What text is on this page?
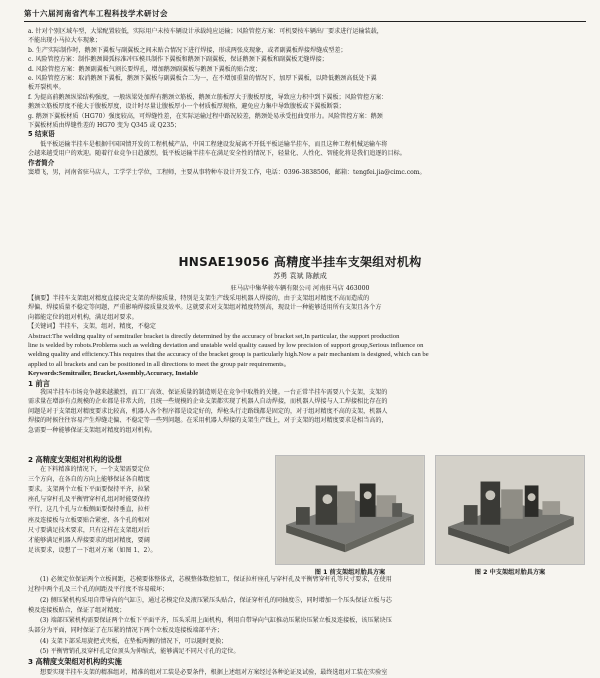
第十六届河南省汽车工程科技学术研讨会

a. 针对个别区域车型，大梁配置较低，实际用户未按车辆设计承载纯应运输；风险管控方案：可机要按车辆出厂要求进行运输装载，

不能出现小马拉大车现象；

b. 生产实际制作时，鹅颈下翼板与副翼板之间未贴合情况下进行焊接，形成两张皮现象，或者副翼板焊接焊缝成型差；

c. 风险管控方案：制作鹅颈圆弧标准冲压模具制作下翼板和鹅颈下副翼板，保证鹅颈下翼板和副翼板无缝焊接；

d. 风险管控方案：鹅颈副翼板气割长要焊孔，增加鹅颈副翼板与鹅颈下翼板的贴合度；

e. 风险管控方案：取消鹅颈下翼板，鹅颈下翼板与副翼板合二为一，在不增加重量的情况下，加厚下翼板，以降低鹅颈高低处下翼

板开裂机率。

f. 为提高前鹅颈纵梁结构强度，一般纵梁处加焊有鹅颈立筋板，鹅颈立筋板厚大于腹板厚度，导致应力积中到下翼板；风险管控方案：

鹅颈立筋板厚度不能大于腹板厚度，设计时尽量让腹板厚小一个材质板厚规格，避免应力集中导致腹板或下翼板断裂；

g. 鹅颈下翼板材质（HG70）强度较高，可焊缝性差，在实际运输过程中路况较差，鹅颈处易承受扭曲变形力。风险管控方案：鹅颈

下翼板材质由焊缝性差的 HG70 变为 Q345 或 Q235；

5 结束语

低平板运输半挂车是根据中国国情开发的工程机械产品，中国工程建设发展离不开低平板运输半挂车，而且这种工程机械运输车将

会越来越受用户的欢迎。随着行业竞争日趋激烈，低平板运输半挂车在满足安全性的情况下，轻量化、人性化、智能化将是我们追逐的目标。

作者简介

窦增飞，男，河南省驻马店人，工学学士学位，工程师，主要从事特种车设计开发工作，电话：0396-3838506，邮箱：tengfei.jia@cimc.com。

HNSAE19056 高精度半挂车支架组对机构
苏勇 袁斌 陈献成
驻马店中集华骏车辆有限公司 河南驻马店 463000

【摘要】半挂车支架组对精度直接决定支架的焊接质量，特别是支架生产线采用机器人焊接的，由于支架组对精度不高而造成的

焊偏、焊接质量不稳定等问题，严重影响焊接质量及效率。这就要求对支架组对精度特别高，现设计一种能够适用所有支架且各个方

向都能定位的组对机构，满足组对要求。

【关键词】半挂车，支架，组对，精度，不稳定

Abstract:The welding quality of semitrailer bracket is directly determined by the accuracy of bracket set,In particular, the support production

line is welded by robots.Problems such as welding deviation and unstable weld quality caused by low precision of support group,Serious influence on

welding quality and efficiency.This requires that the accuracy of the bracket group is particularly high.Now a pair mechanism is designed, which can be

applied to all brackets and can be positioned in all directions to meet the group pair requirements。

Keywords:Semitrailer, Bracket,Assembly,Accuracy, Instable

1 前言

我国半挂车市场竞争越来越激烈，而工厂高效、保证质量的制造则是在竞争中取胜的关键。一台正常半挂车需要八个支架，支架的

需求量在增添有点规模的企业都是非常大的，且统一些规模的企业支架都实现了机器人自动焊接，而机器人焊接与人工焊接相比存在的

问题是对于支架组对精度要求比较高，机器人各个程序都是设定好的，焊枪头行走路线都是固定的，对于组对精度不高的支架，机器人

焊接的时候往往容易产生焊缝走偏、不稳定等一些列问题。在采用机器人焊接的支架生产线上，对于支架的组对精度要求是相当高的，

急需要一种能够保证支架组对精度的组对机构。

2 高精度支架组对机构的设想

在下料精准的情况下，一个支架需要定位

三个方向，在各自的方向上能够保证各自精度

要求。支架两个立板下平面要保持平齐，拉紧

座孔与穿杆孔及平衡臂穿杆孔组对时能要保持

平行，这几个孔与立板侧面要保持垂直，拉杆

座及连接板与立板要贴合紧密，各个孔的相对

尺寸要满足技术要求，只有这样在支架组对后

才能够满足机器人焊接要求的组对精度，要阔

足该要求，设想了一下组对方案（如图 1、2）。

图 1 前支架组对胎具方案	图 2 中支架组对胎具方案

(1) 必须定位保证两个立板间距，芯模要体整体式，芯模整体数控加工，保证拉杆座孔与穿杆孔及平衡臂穿杆孔等尺寸要求，在使用

过程中两个孔及三个孔的间距及平行度不容易破坏；

(2) 侧压紧机构采用自带导向的气缸⑤，通过芯模定位及液压紧压头贴合，保证穿杆孔的同轴度⑤，同时增加一个压头保证立板与芯

模及连接板贴合，保证了组对精度；

(3) 端部压紧机构需要保证两个立板下平面平齐，压头采用上面机构，利用自带导向气缸推动压紧块压紧立板及连接板，该压紧块压

头部分为平面，同时保证了在压紧的情况下两个立板及连接板端部平齐；

(4) 支架下部采用旋把式夹板，在垫板两侧的情况下，可以随时更换；

(5) 平衡臂销孔及穿杆孔定位顶头为伸缩式，能够满足不同尺寸孔的定位。

3 高精度支架组对机构的实施

想要实现半挂车支架的精准组对，精准的组对工装是必要条件，根据上述组对方案经过各种论证及试验，最终选组对工装在实验室
